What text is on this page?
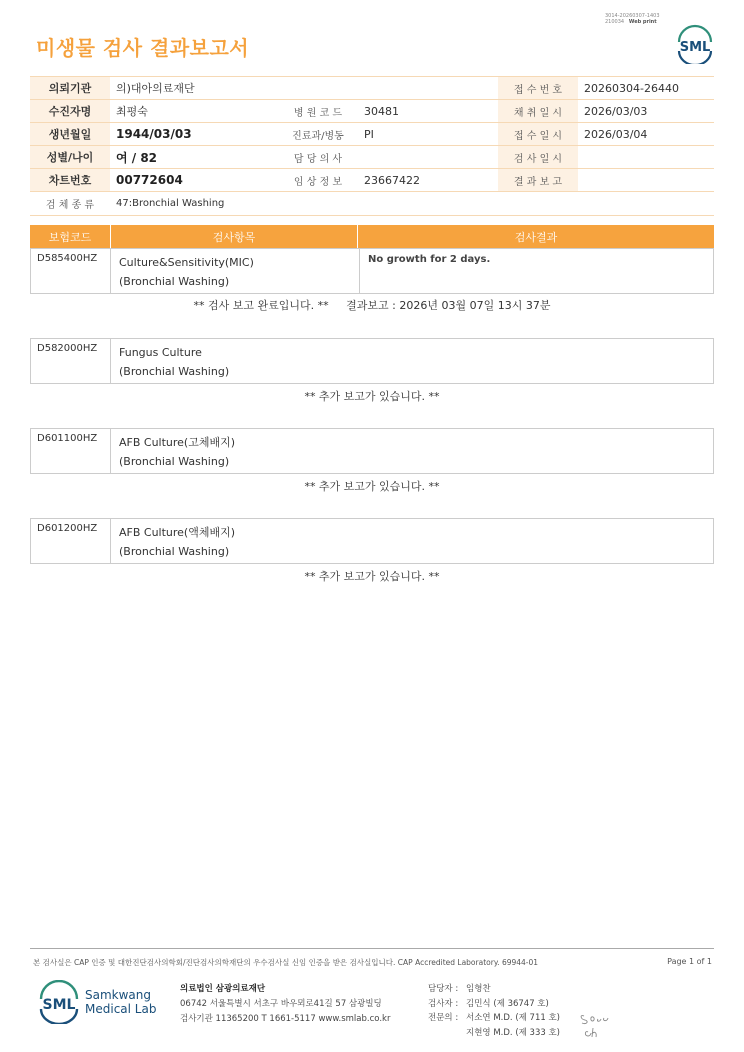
3014-20260307-1403
210034 Web print
SML
미생물 검사 결과보고서
의뢰기관	의)대아의료재단			접 수 번 호	20260304-26440
수진자명	최평숙	병 원 코 드	30481	채 취 일 시	2026/03/03
생년월일	1944/03/03	진료과/병동	PI	접 수 일 시	2026/03/04
성별/나이	여 / 82	담 당 의 사		검 사 일 시	
차트번호	00772604	임 상 정 보	23667422	결 과 보 고	
검 체 종 류	47:Bronchial Washing				
보험코드	검사항목	검사결과
D585400HZ	Culture&Sensitivity(MIC)
(Bronchial Washing)
No growth for 2 days.
** 검사 보고 완료입니다. **     결과보고 : 2026년 03월 07일 13시 37분
D582000HZ	Fungus Culture
(Bronchial Washing)
** 추가 보고가 있습니다. **
D601100HZ	AFB Culture(고체배지)
(Bronchial Washing)
** 추가 보고가 있습니다. **
D601200HZ	AFB Culture(액체배지)
(Bronchial Washing)
** 추가 보고가 있습니다. **
본 검사실은 CAP 인증 및 대한진단검사의학회/진단검사의학재단의 우수검사실 신임 인증을 받은 검사실입니다. CAP Accredited Laboratory. 69944-01	Page 1 of 1
SML
Samkwang
Medical Lab
의료법인 삼광의료재단
06742 서울특별시 서초구 바우뫼로41길 57 삼광빌딩
검사기관 11365200 T 1661-5117 www.smlab.co.kr
담당자 : 임형찬
검사자 : 김민식 (제 36747 호)
전문의 : 서소연 M.D. (제 711 호)
지현영 M.D. (제 333 호)
